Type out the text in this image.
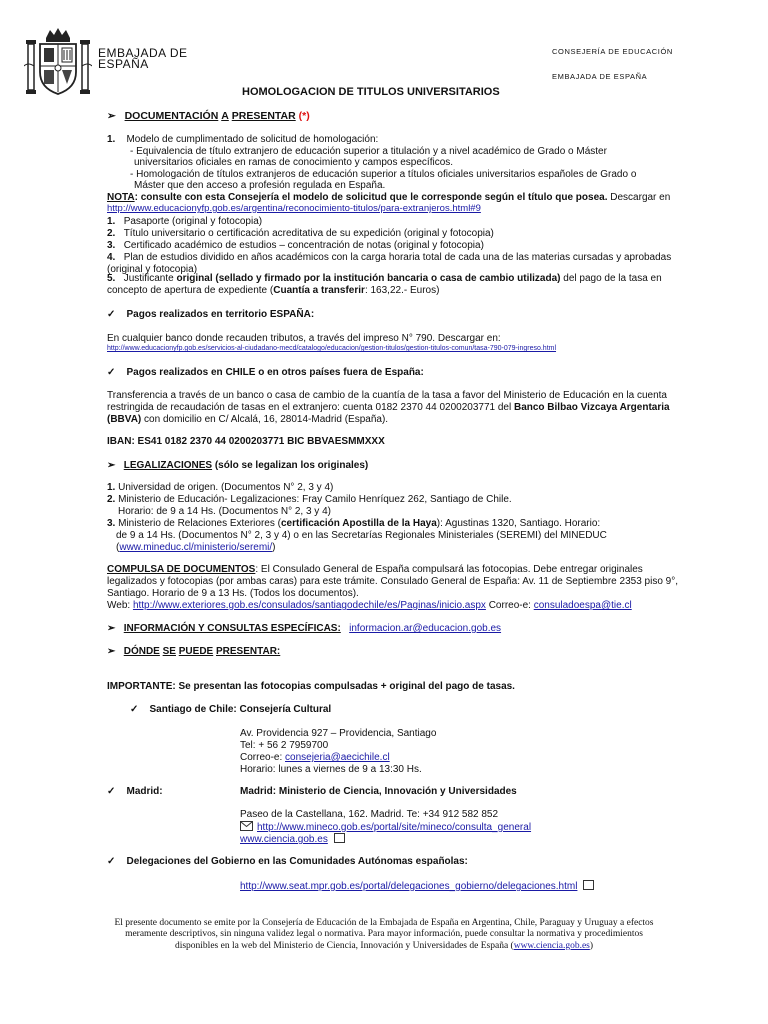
EMBAJADA DE
ESPAÑA
CONSEJERÍA DE EDUCACIÓN
EMBAJADA DE ESPAÑA
HOMOLOGACION DE TITULOS UNIVERSITARIOS
➢ DOCUMENTACIÓN A PRESENTAR (*)
1. Modelo de cumplimentado de solicitud de homologación:
- Equivalencia de título extranjero de educación superior a titulación y a nivel académico de Grado o Máster
universitarios oficiales en ramas de conocimiento y campos específicos.
- Homologación de títulos extranjeros de educación superior a títulos oficiales universitarios españoles de Grado o
Máster que den acceso a profesión regulada en España.
NOTA: consulte con esta Consejería el modelo de solicitud que le corresponde según el título que posea. Descargar en
http://www.educacionyfp.gob.es/argentina/reconocimiento-titulos/para-extranjeros.html#9
1. Pasaporte (original y fotocopia)
2. Título universitario o certificación acreditativa de su expedición (original y fotocopia)
3. Certificado académico de estudios – concentración de notas (original y fotocopia)
4. Plan de estudios dividido en años académicos con la carga horaria total de cada una de las materias cursadas y aprobadas
(original y fotocopia)
5. Justificante original (sellado y firmado por la institución bancaria o casa de cambio utilizada) del pago de la tasa en
concepto de apertura de expediente (Cuantía a transferir: 163,22.- Euros)
✓ Pagos realizados en territorio ESPAÑA:
En cualquier banco donde recauden tributos, a través del impreso N° 790. Descargar en:
http://www.educacionyfp.gob.es/servicios-al-ciudadano-mecd/catalogo/educacion/gestion-titulos/gestion-titulos-comun/tasa-790-079-ingreso.html
✓ Pagos realizados en CHILE o en otros países fuera de España:
Transferencia a través de un banco o casa de cambio de la cuantía de la tasa a favor del Ministerio de Educación en la cuenta
restringida de recaudación de tasas en el extranjero: cuenta 0182 2370 44 0200203771 del Banco Bilbao Vizcaya Argentaria
(BBVA) con domicilio en C/ Alcalá, 16, 28014-Madrid (España).
IBAN: ES41 0182 2370 44 0200203771 BIC BBVAESMMXXX
➢ LEGALIZACIONES (sólo se legalizan los originales)
1. Universidad de origen. (Documentos N° 2, 3 y 4)
2. Ministerio de Educación- Legalizaciones: Fray Camilo Henríquez 262, Santiago de Chile.
Horario: de 9 a 14 Hs. (Documentos N° 2, 3 y 4)
3. Ministerio de Relaciones Exteriores (certificación Apostilla de la Haya): Agustinas 1320, Santiago. Horario:
de 9 a 14 Hs. (Documentos N° 2, 3 y 4) o en las Secretarías Regionales Ministeriales (SEREMI) del MINEDUC
(www.mineduc.cl/ministerio/seremi/)
COMPULSA DE DOCUMENTOS: El Consulado General de España compulsará las fotocopias. Debe entregar originales
legalizados y fotocopias (por ambas caras) para este trámite. Consulado General de España: Av. 11 de Septiembre 2353 piso 9°,
Santiago. Horario de 9 a 13 Hs. (Todos los documentos).
Web: http://www.exteriores.gob.es/consulados/santiagodechile/es/Paginas/inicio.aspx Correo-e: consuladoespa@tie.cl
➢ INFORMACIÓN Y CONSULTAS ESPECÍFICAS: informacion.ar@educacion.gob.es
➢ DÓNDE SE PUEDE PRESENTAR:
IMPORTANTE: Se presentan las fotocopias compulsadas + original del pago de tasas.
✓ Santiago de Chile: Consejería Cultural
Av. Providencia 927 – Providencia, Santiago
Tel: + 56 2 7959700
Correo-e: consejeria@aecichile.cl
Horario: lunes a viernes de 9 a 13:30 Hs.
✓ Madrid:	Madrid: Ministerio de Ciencia, Innovación y Universidades
Paseo de la Castellana, 162. Madrid. Te: +34 912 582 852
http://www.mineco.gob.es/portal/site/mineco/consulta_general
www.ciencia.gob.es
✓ Delegaciones del Gobierno en las Comunidades Autónomas españolas:
http://www.seat.mpr.gob.es/portal/delegaciones_gobierno/delegaciones.html
El presente documento se emite por la Consejería de Educación de la Embajada de España en Argentina, Chile, Paraguay y Uruguay a efectos
meramente descriptivos, sin ninguna validez legal o normativa. Para mayor información, puede consultar la normativa y procedimientos
disponibles en la web del Ministerio de Ciencia, Innovación y Universidades de España (www.ciencia.gob.es)
